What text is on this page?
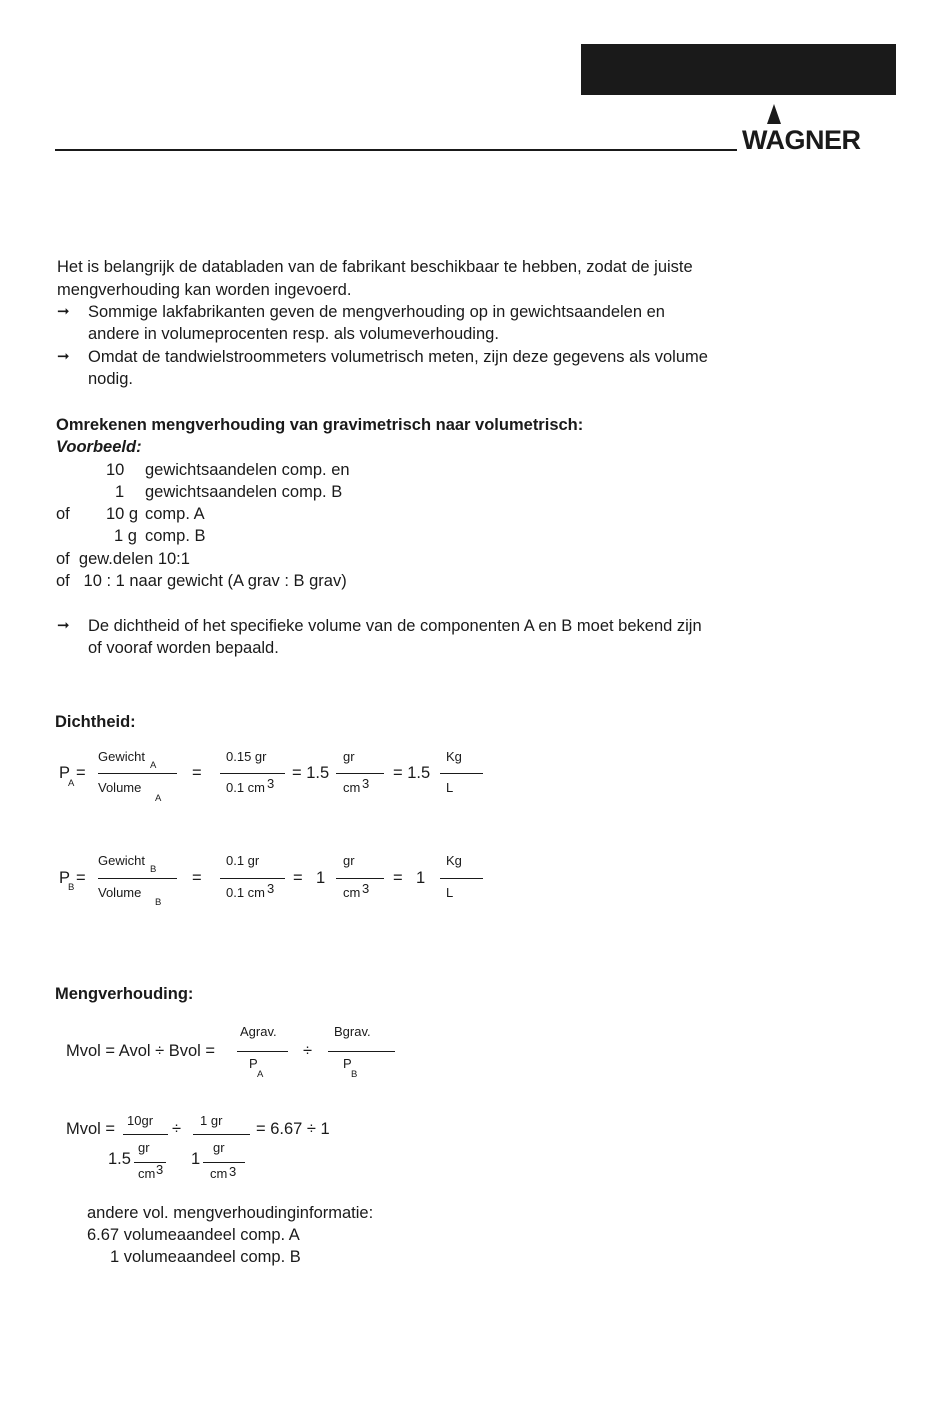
WAGNER
Het is belangrijk de databladen van de fabrikant beschikbaar te hebben, zodat de juiste
mengverhouding kan worden ingevoerd.
➞ Sommige lakfabrikanten geven de mengverhouding op in gewichtsaandelen en
andere in volumeprocenten resp. als volumeverhouding.
➞ Omdat de tandwielstroommeters volumetrisch meten, zijn deze gegevens als volume
nodig.
Omrekenen mengverhouding van gravimetrisch naar volumetrisch:
Voorbeeld:
10 gewichtsaandelen comp. en
1 gewichtsaandelen comp. B
of 10 g comp. A
1 g comp. B
of  gew.delen 10:1
of   10 : 1 naar gewicht (A grav : B grav)
➞ De dichtheid of het specifieke volume van de componenten A en B moet bekend zijn
of vooraf worden bepaald.
Dichtheid:
P
A
=
Gewicht
A
Volume
A
=
0.15 gr
0.1 cm 3
= 1.5
gr
cm 3
= 1.5
Kg
L
P
B
=
Gewicht
B
Volume
B
=
0.1 gr
0.1 cm 3
= 1
gr
cm 3
= 1
Kg
L
Mengverhouding:
Mvol = Avol ÷ Bvol =
Agrav.
P
A
÷
Bgrav.
P
B
Mvol = 10gr ÷ 1 gr = 6.67 ÷ 1
1.5
gr
cm 3
1
gr
cm 3
andere vol. mengverhoudinginformatie:
6.67 volumeaandeel comp. A
1 volumeaandeel comp. B
